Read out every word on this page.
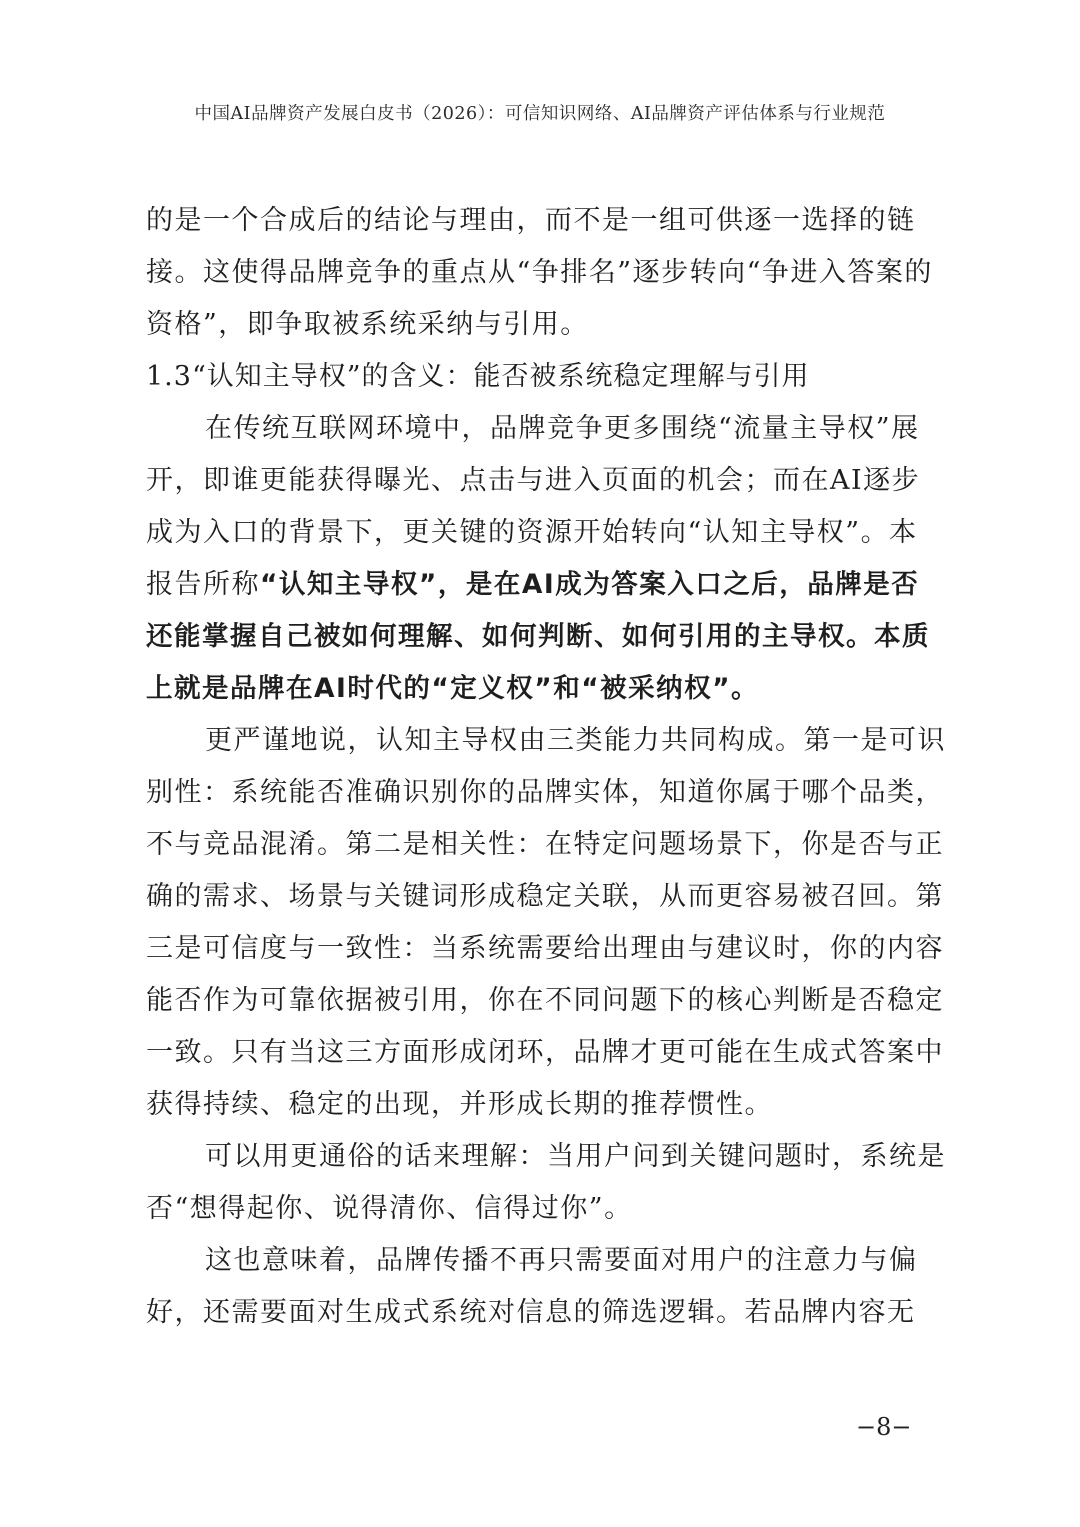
中国AI品牌资产发展白皮书（2026）：可信知识网络、AI品牌资产评估体系与行业规范

的是一个合成后的结论与理由，而不是一组可供逐一选择的链接。这使得品牌竞争的重点从“争排名”逐步转向“争进入答案的资格”，即争取被系统采纳与引用。

1.3“认知主导权”的含义：能否被系统稳定理解与引用

在传统互联网环境中，品牌竞争更多围绕“流量主导权”展开，即谁更能获得曝光、点击与进入页面的机会；而在AI逐步成为入口的背景下，更关键的资源开始转向“认知主导权”。本报告所称“认知主导权”，是在AI成为答案入口之后，品牌是否还能掌握自己被如何理解、如何判断、如何引用的主导权。本质上就是品牌在AI时代的“定义权”和“被采纳权”。

更严谨地说，认知主导权由三类能力共同构成。第一是可识别性：系统能否准确识别你的品牌实体，知道你属于哪个品类，不与竞品混淆。第二是相关性：在特定问题场景下，你是否与正确的需求、场景与关键词形成稳定关联，从而更容易被召回。第三是可信度与一致性：当系统需要给出理由与建议时，你的内容能否作为可靠依据被引用，你在不同问题下的核心判断是否稳定一致。只有当这三方面形成闭环，品牌才更可能在生成式答案中获得持续、稳定的出现，并形成长期的推荐惯性。

可以用更通俗的话来理解：当用户问到关键问题时，系统是否“想得起你、说得清你、信得过你”。

这也意味着，品牌传播不再只需要面对用户的注意力与偏好，还需要面对生成式系统对信息的筛选逻辑。若品牌内容无

−8−
